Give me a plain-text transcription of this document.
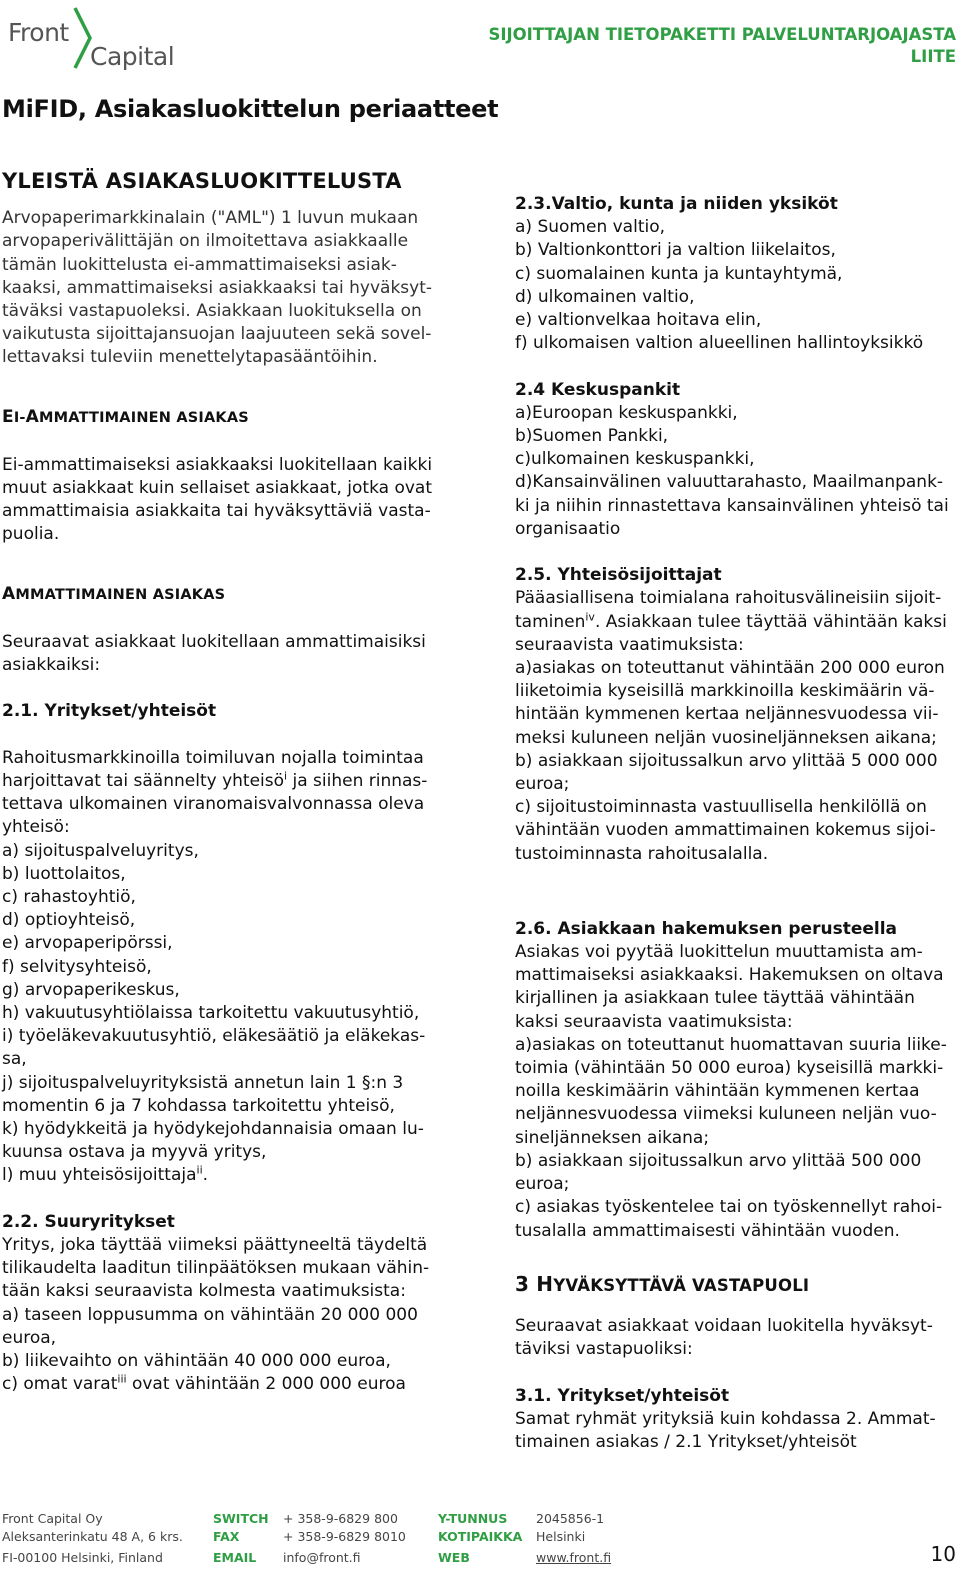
Front
Capital
SIJOITTAJAN TIETOPAKETTI PALVELUNTARJOAJASTA
LIITE
MiFID, Asiakasluokittelun periaatteet
YLEISTÄ ASIAKASLUOKITTELUSTA
Arvopaperimarkkinalain ("AML") 1 luvun mukaan
arvopaperivälittäjän on ilmoitettava asiakkaalle
tämän luokittelusta ei-ammattimaiseksi asiak-
kaaksi, ammattimaiseksi asiakkaaksi tai hyväksyt-
täväksi vastapuoleksi. Asiakkaan luokituksella on
vaikutusta sijoittajansuojan laajuuteen sekä sovel-
lettavaksi tuleviin menettelytapasääntöihin.
EI-AMMATTIMAINEN ASIAKAS
Ei-ammattimaiseksi asiakkaaksi luokitellaan kaikki
muut asiakkaat kuin sellaiset asiakkaat, jotka ovat
ammattimaisia asiakkaita tai hyväksyttäviä vasta-
puolia.
AMMATTIMAINEN ASIAKAS
Seuraavat asiakkaat luokitellaan ammattimaisiksi
asiakkaiksi:
2.1. Yritykset/yhteisöt
Rahoitusmarkkinoilla toimiluvan nojalla toimintaa
harjoittavat tai säännelty yhteisö$^i$ ja siihen rinnas-
tettava ulkomainen viranomaisvalvonnassa oleva
yhteisö:
a) sijoituspalveluyritys,
b) luottolaitos,
c) rahastoyhtiö,
d) optioyhteisö,
e) arvopaperipörssi,
f) selvitysyhteisö,
g) arvopaperikeskus,
h) vakuutusyhtiölaissa tarkoitettu vakuutusyhtiö,
i) työeläkevakuutusyhtiö, eläkesäätiö ja eläkekas-
sa,
j) sijoituspalveluyrityksistä annetun lain 1 §:n 3
momentin 6 ja 7 kohdassa tarkoitettu yhteisö,
k) hyödykkeitä ja hyödykejohdannaisia omaan lu-
kuunsa ostava ja myyvä yritys,
l) muu yhteisösijoittaja$^{ii}$.
2.2. Suuryritykset
Yritys, joka täyttää viimeksi päättyneeltä täydeltä
tilikaudelta laaditun tilinpäätöksen mukaan vähin-
tään kaksi seuraavista kolmesta vaatimuksista:
a) taseen loppusumma on vähintään 20 000 000
euroa,
b) liikevaihto on vähintään 40 000 000 euroa,
c) omat varat$^{iii}$ ovat vähintään 2 000 000 euroa
2.3.Valtio, kunta ja niiden yksiköt
a) Suomen valtio,
b) Valtionkonttori ja valtion liikelaitos,
c) suomalainen kunta ja kuntayhtymä,
d) ulkomainen valtio,
e) valtionvelkaa hoitava elin,
f) ulkomaisen valtion alueellinen hallintoyksikkö
2.4 Keskuspankit
a)Euroopan keskuspankki,
b)Suomen Pankki,
c)ulkomainen keskuspankki,
d)Kansainvälinen valuuttarahasto, Maailmanpank-
ki ja niihin rinnastettava kansainvälinen yhteisö tai
organisaatio
2.5. Yhteisösijoittajat
Pääasiallisena toimialana rahoitusvälineisiin sijoit-
taminen$^{iv}$. Asiakkaan tulee täyttää vähintään kaksi
seuraavista vaatimuksista:
a)asiakas on toteuttanut vähintään 200 000 euron
liiketoimia kyseisillä markkinoilla keskimäärin vä-
hintään kymmenen kertaa neljännesvuodessa vii-
meksi kuluneen neljän vuosineljänneksen aikana;
b) asiakkaan sijoitussalkun arvo ylittää 5 000 000
euroa;
c) sijoitustoiminnasta vastuullisella henkilöllä on
vähintään vuoden ammattimainen kokemus sijoi-
tustoiminnasta rahoitusalalla.
2.6. Asiakkaan hakemuksen perusteella
Asiakas voi pyytää luokittelun muuttamista am-
mattimaiseksi asiakkaaksi. Hakemuksen on oltava
kirjallinen ja asiakkaan tulee täyttää vähintään
kaksi seuraavista vaatimuksista:
a)asiakas on toteuttanut huomattavan suuria liike-
toimia (vähintään 50 000 euroa) kyseisillä markki-
noilla keskimäärin vähintään kymmenen kertaa
neljännesvuodessa viimeksi kuluneen neljän vuo-
sineljänneksen aikana;
b) asiakkaan sijoitussalkun arvo ylittää 500 000
euroa;
c) asiakas työskentelee tai on työskennellyt rahoi-
tusalalla ammattimaisesti vähintään vuoden.
3 HYVÄKSYTTÄVÄ VASTAPUOLI
Seuraavat asiakkaat voidaan luokitella hyväksyt-
täviksi vastapuoliksi:
3.1. Yritykset/yhteisöt
Samat ryhmät yrityksiä kuin kohdassa 2. Ammat-
timainen asiakas / 2.1 Yritykset/yhteisöt
Front Capital Oy
Aleksanterinkatu 48 A, 6 krs.
FI-00100 Helsinki, Finland
SWITCH
FAX
EMAIL
+ 358-9-6829 800
+ 358-9-6829 8010
info@front.fi
Y-TUNNUS
KOTIPAIKKA
WEB
2045856-1
Helsinki
www.front.fi	10
